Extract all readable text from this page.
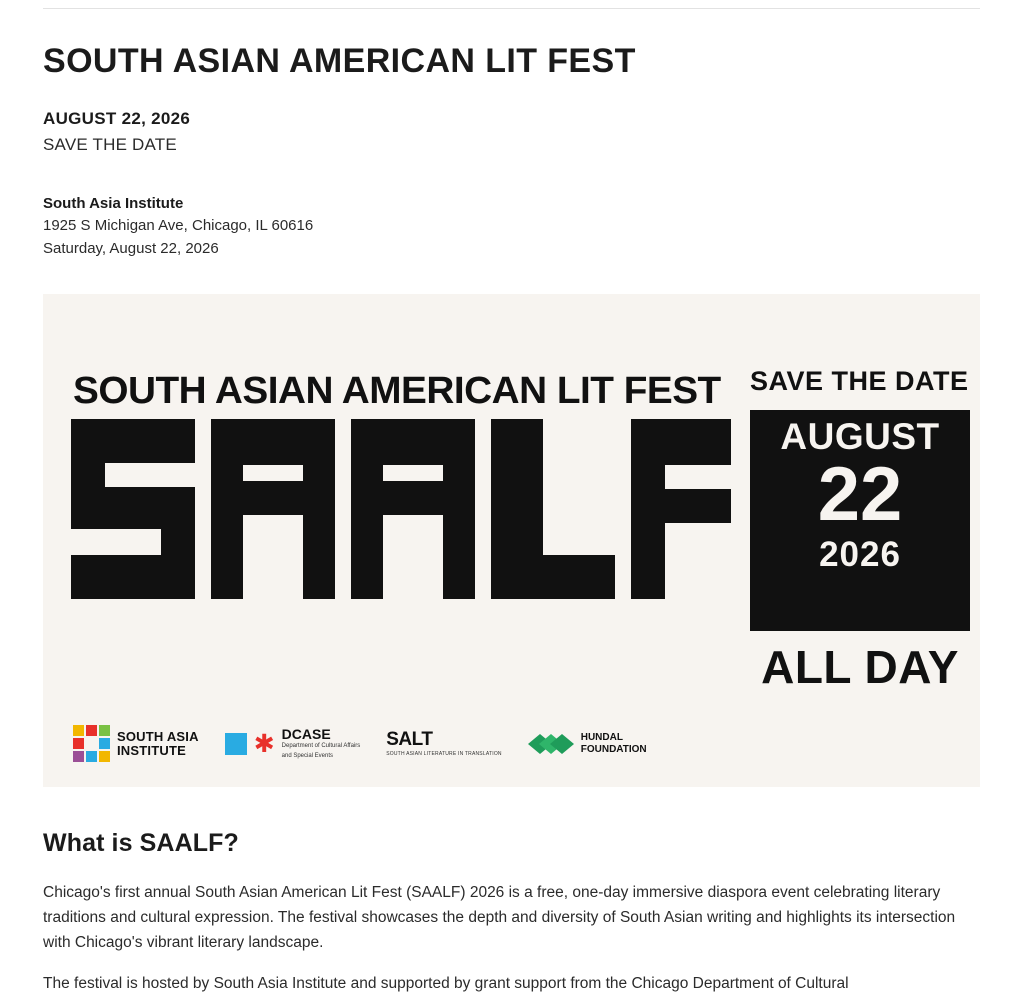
SOUTH ASIAN AMERICAN LIT FEST
AUGUST 22, 2026
SAVE THE DATE
South Asia Institute
1925 S Michigan Ave, Chicago, IL 60616
Saturday, August 22, 2026
SOUTH ASIAN AMERICAN LIT FEST	SAVE THE DATE
AUGUST
22
2026
ALL DAY
SOUTH ASIA
INSTITUTE	✱ DCASE
Department of Cultural Affairs
and Special Events
SALT
SOUTH ASIAN LITERATURE IN TRANSLATION
HUNDAL
FOUNDATION
What is SAALF?

Chicago's first annual South Asian American Lit Fest (SAALF) 2026 is a free, one-day immersive diaspora event celebrating literary traditions and cultural expression. The festival showcases the depth and diversity of South Asian writing and highlights its intersection with Chicago's vibrant literary landscape.

The festival is hosted by South Asia Institute and supported by grant support from the Chicago Department of Cultural
